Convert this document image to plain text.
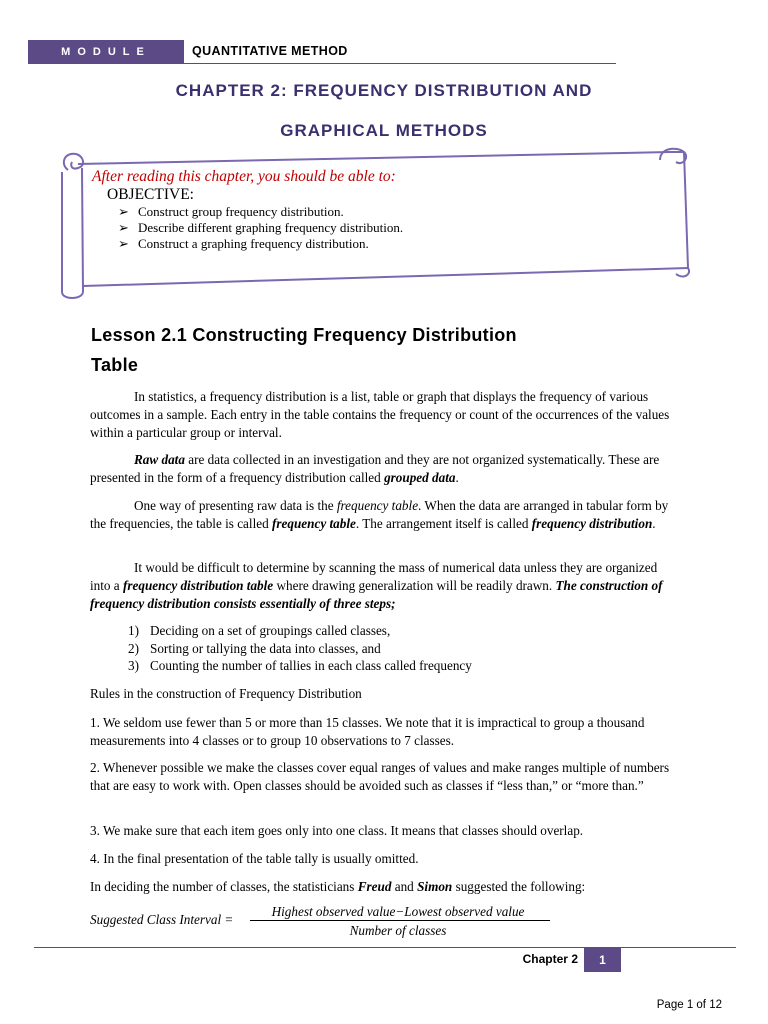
MODULE	QUANTITATIVE METHOD
CHAPTER 2: FREQUENCY DISTRIBUTION AND
GRAPHICAL METHODS

After reading this chapter, you should be able to:

OBJECTIVE:

➢ Construct group frequency distribution.
➢ Describe different graphing frequency distribution.
➢ Construct a graphing frequency distribution.
Lesson 2.1 Constructing Frequency Distribution
Table

In statistics, a frequency distribution is a list, table or graph that displays the frequency of various outcomes in a sample. Each entry in the table contains the frequency or count of the occurrences of the values within a particular group or interval.

Raw data are data collected in an investigation and they are not organized systematically. These are presented in the form of a frequency distribution called grouped data.

One way of presenting raw data is the frequency table. When the data are arranged in tabular form by the frequencies, the table is called frequency table. The arrangement itself is called frequency distribution.

It would be difficult to determine by scanning the mass of numerical data unless they are organized into a frequency distribution table where drawing generalization will be readily drawn. The construction of frequency distribution consists essentially of three steps;

1) Deciding on a set of groupings called classes,
2) Sorting or tallying the data into classes, and
3) Counting the number of tallies in each class called frequency
Rules in the construction of Frequency Distribution
1. We seldom use fewer than 5 or more than 15 classes. We note that it is impractical to group a thousand measurements into 4 classes or to group 10 observations to 7 classes.
2. Whenever possible we make the classes cover equal ranges of values and make ranges multiple of numbers that are easy to work with. Open classes should be avoided such as classes if “less than,” or “more than.”
3. We make sure that each item goes only into one class. It means that classes should overlap.
4. In the final presentation of the table tally is usually omitted.

In deciding the number of classes, the statisticians Freud and Simon suggested the following:

Suggested Class Interval =
Highest observed value−Lowest observed value
Number of classes
Chapter 2	1
Page 1 of 12
